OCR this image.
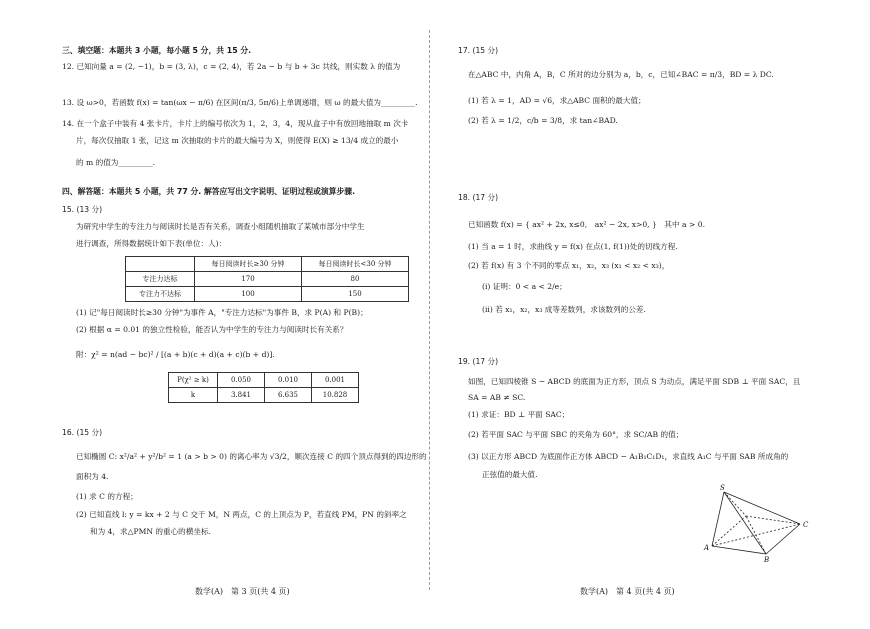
三、填空题：本题共 3 小题，每小题 5 分，共 15 分.
12. 已知向量 a = (2, −1)，b = (3, λ)，c = (2, 4)，若 2a − b 与 b + 3c 共线，则实数 λ 的值为
13. 设 ω>0，若函数 f(x) = tan(ωx − π/6) 在区间(π/3, 5π/6)上单调递增，则 ω 的最大值为_________.
14. 在一个盒子中装有 4 张卡片，卡片上的编号依次为 1，2，3，4，现从盒子中有放回地抽取 m 次卡
片，每次仅抽取 1 张，记这 m 次抽取的卡片的最大编号为 X，则使得 E(X) ≥ 13/4 成立的最小
的 m 的值为_________.
四、解答题：本题共 5 小题，共 77 分. 解答应写出文字说明、证明过程或演算步骤.
15. (13 分)
为研究中学生的专注力与阅读时长是否有关系，调查小组随机抽取了某城市部分中学生
进行调查，所得数据统计如下表(单位：人)：
	每日阅读时长≥30 分钟	每日阅读时长<30 分钟
专注力达标	170	80
专注力不达标	100	150
(1) 记"每日阅读时长≥30 分钟"为事件 A，"专注力达标"为事件 B，求 P(A) 和 P(B)；
(2) 根据 α = 0.01 的独立性检验，能否认为中学生的专注力与阅读时长有关系？
附：χ² = n(ad − bc)² / [(a + b)(c + d)(a + c)(b + d)].
P(χ² ≥ k)	0.050	0.010	0.001
k	3.841	6.635	10.828
16. (15 分)
已知椭圆 C: x²/a² + y²/b² = 1 (a > b > 0) 的离心率为 √3/2，顺次连接 C 的四个顶点得到的四边形的
面积为 4.
(1) 求 C 的方程；
(2) 已知直线 l: y = kx + 2 与 C 交于 M，N 两点，C 的上顶点为 P，若直线 PM，PN 的斜率之
和为 4，求△PMN 的重心的横坐标.
数学(A)　第 3 页(共 4 页)
17. (15 分)
在△ABC 中，内角 A，B，C 所对的边分别为 a，b，c，已知∠BAC = π/3，BD = λ DC.
(1) 若 λ = 1，AD = √6，求△ABC 面积的最大值；
(2) 若 λ = 1/2，c/b = 3/8，求 tan∠BAD.
18. (17 分)
已知函数 f(x) = { ax² + 2x, x≤0,　ax² − 2x, x>0, }　其中 a > 0.
(1) 当 a = 1 时，求曲线 y = f(x) 在点(1, f(1))处的切线方程.
(2) 若 f(x) 有 3 个不同的零点 x₁，x₂，x₃ (x₁ < x₂ < x₃)，
(i) 证明：0 < a < 2/e；
(ii) 若 x₁，x₂，x₃ 成等差数列，求该数列的公差.
19. (17 分)
如图，已知四棱锥 S − ABCD 的底面为正方形，顶点 S 为动点，满足平面 SDB ⊥ 平面 SAC，且
SA = AB ≠ SC.
(1) 求证：BD ⊥ 平面 SAC；
(2) 若平面 SAC 与平面 SBC 的夹角为 60°，求 SC/AB 的值；
(3) 以正方形 ABCD 为底面作正方体 ABCD − A₁B₁C₁D₁，求直线 A₁C 与平面 SAB 所成角的
正弦值的最大值.
S
A
B
C
数学(A)　第 4 页(共 4 页)
